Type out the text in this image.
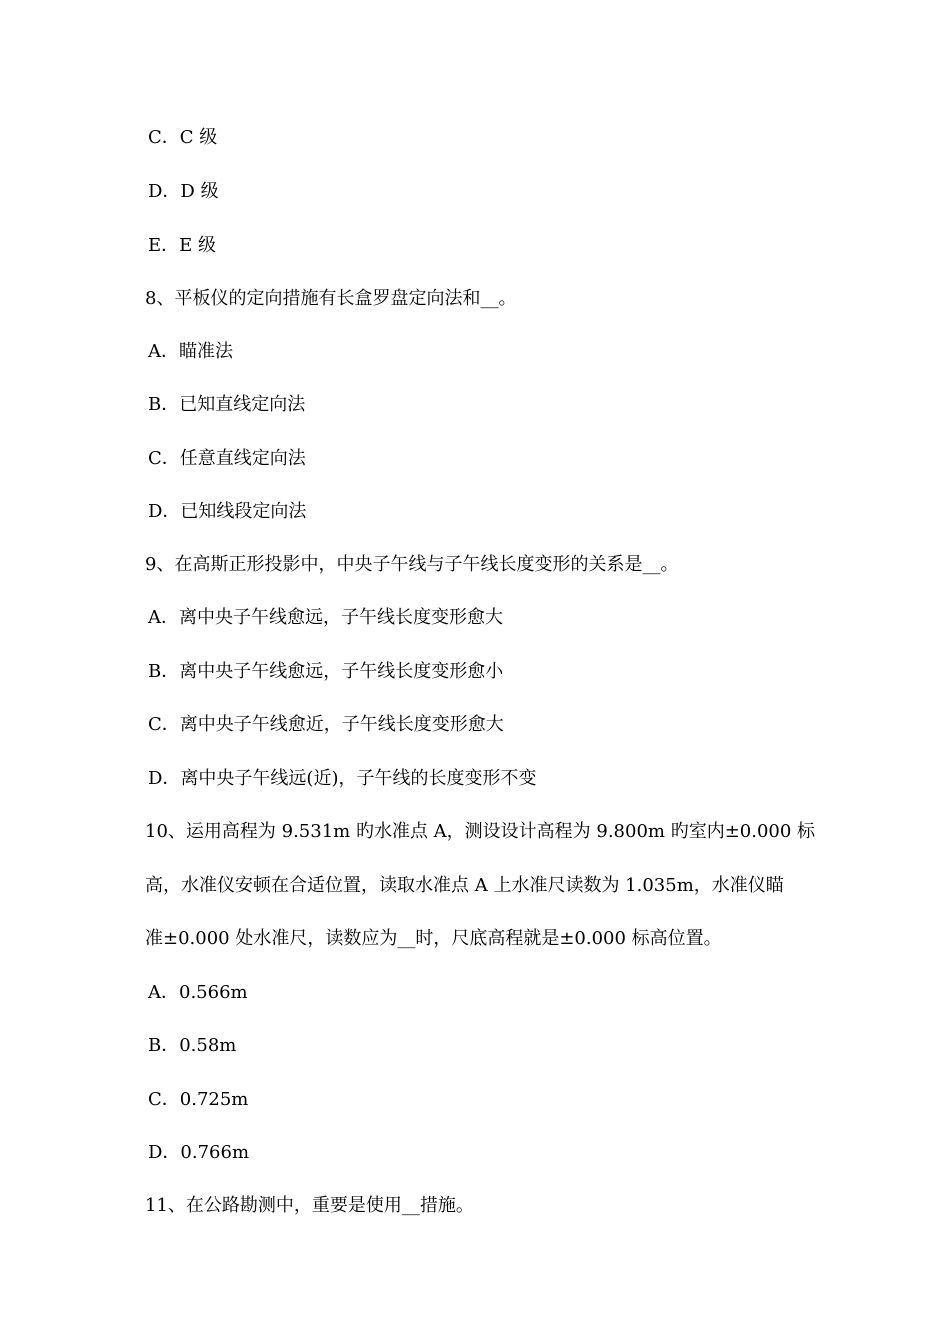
C．C 级
D．D 级
E．E 级
8、平板仪的定向措施有长盒罗盘定向法和__。
A．瞄准法
B．已知直线定向法
C．任意直线定向法
D．已知线段定向法
9、在高斯正形投影中，中央子午线与子午线长度变形的关系是__。
A．离中央子午线愈远，子午线长度变形愈大
B．离中央子午线愈远，子午线长度变形愈小
C．离中央子午线愈近，子午线长度变形愈大
D．离中央子午线远(近)，子午线的长度变形不变
10、运用高程为 9.531m 旳水准点 A，测设设计高程为 9.800m 旳室内±0.000 标
高，水准仪安顿在合适位置，读取水准点 A 上水准尺读数为 1.035m，水准仪瞄
准±0.000 处水准尺，读数应为__时，尺底高程就是±0.000 标高位置。
A．0.566m
B．0.58m
C．0.725m
D．0.766m
11、在公路勘测中，重要是使用__措施。
